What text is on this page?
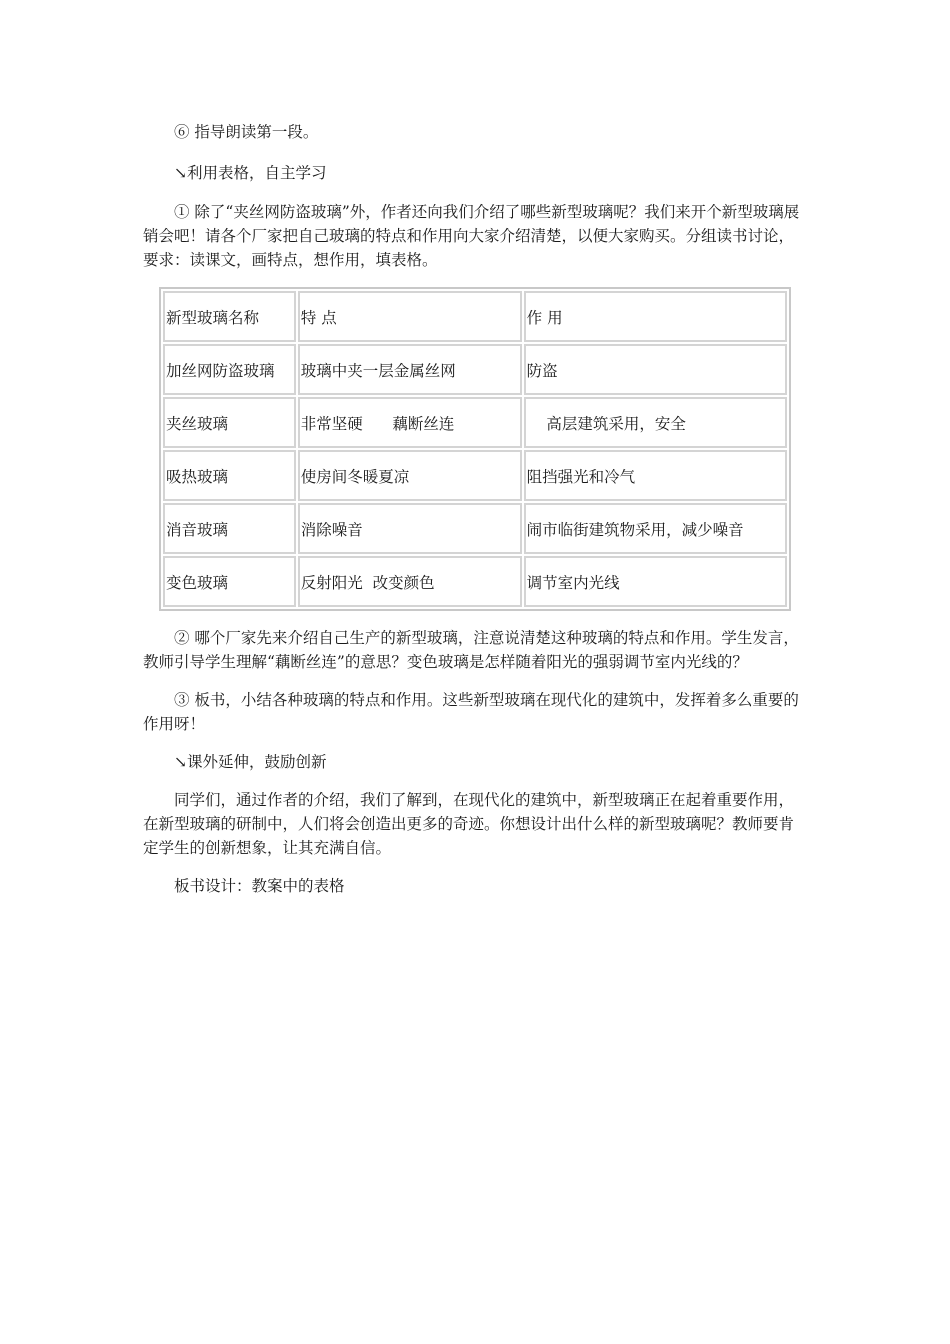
⑥ 指导朗读第一段。

↘利用表格，自主学习

① 除了“夹丝网防盗玻璃”外，作者还向我们介绍了哪些新型玻璃呢？我们来开个新型玻璃展销会吧！请各个厂家把自己玻璃的特点和作用向大家介绍清楚，以便大家购买。分组读书讨论，要求：读课文，画特点，想作用，填表格。

新型玻璃名称	特 点	作 用
加丝网防盗玻璃	玻璃中夹一层金属丝网	防盗
夹丝玻璃	非常坚硬      藕断丝连	高层建筑采用，安全
吸热玻璃	使房间冬暖夏凉	阻挡强光和冷气
消音玻璃	消除噪音	闹市临街建筑物采用，减少噪音
变色玻璃	反射阳光  改变颜色	调节室内光线

② 哪个厂家先来介绍自己生产的新型玻璃，注意说清楚这种玻璃的特点和作用。学生发言，教师引导学生理解“藕断丝连”的意思？变色玻璃是怎样随着阳光的强弱调节室内光线的？

③ 板书，小结各种玻璃的特点和作用。这些新型玻璃在现代化的建筑中，发挥着多么重要的作用呀！

↘课外延伸，鼓励创新

同学们，通过作者的介绍，我们了解到，在现代化的建筑中，新型玻璃正在起着重要作用，在新型玻璃的研制中，人们将会创造出更多的奇迹。你想设计出什么样的新型玻璃呢？教师要肯定学生的创新想象，让其充满自信。

板书设计：教案中的表格
